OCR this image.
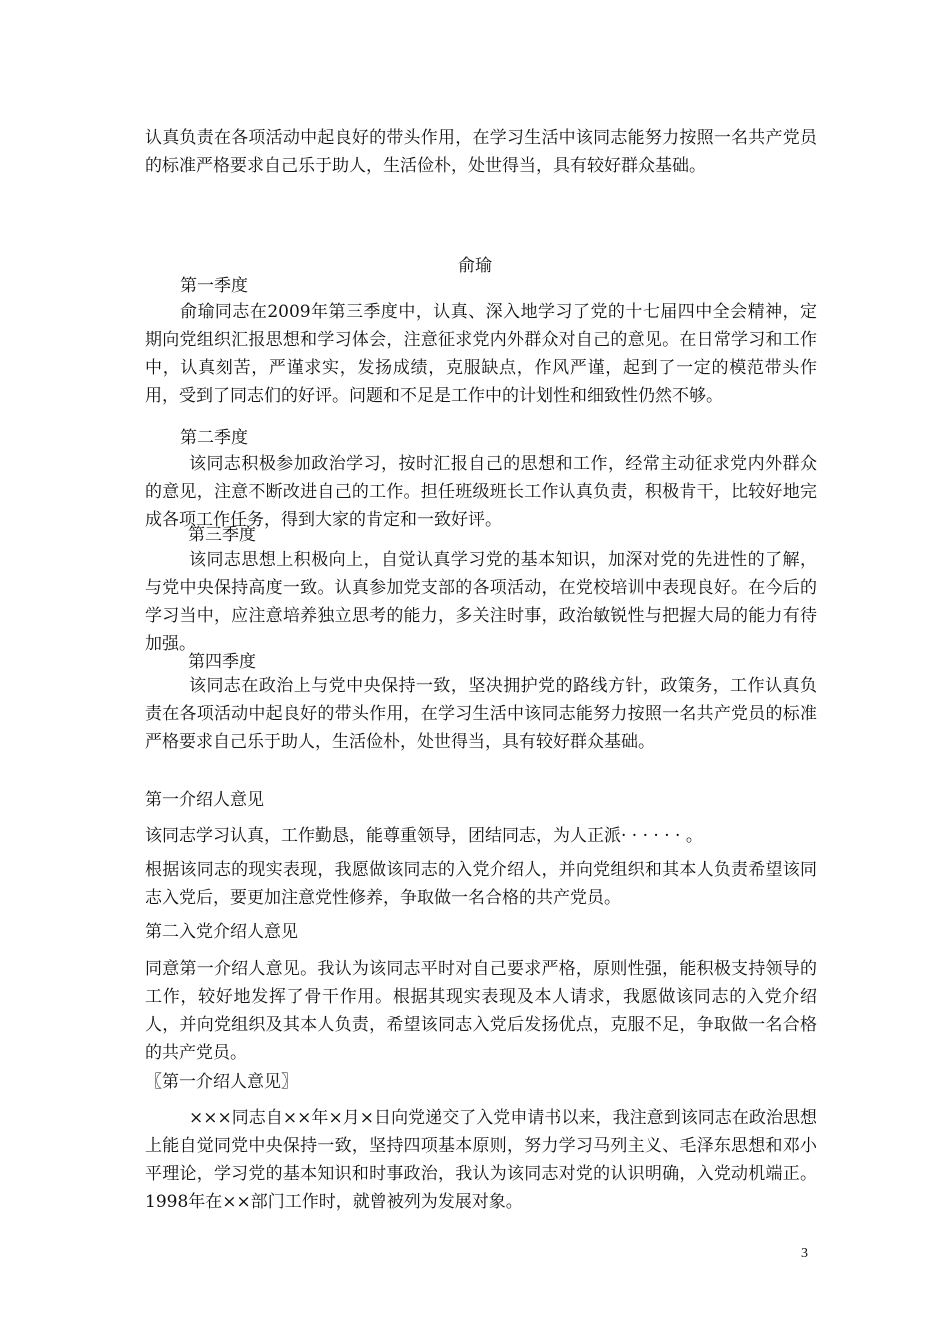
认真负责在各项活动中起良好的带头作用，在学习生活中该同志能努力按照一名共产党员的标准严格要求自己乐于助人，生活俭朴，处世得当，具有较好群众基础。

俞瑜

第一季度

俞瑜同志在2009年第三季度中，认真、深入地学习了党的十七届四中全会精神，定期向党组织汇报思想和学习体会，注意征求党内外群众对自己的意见。在日常学习和工作中，认真刻苦，严谨求实，发扬成绩，克服缺点，作风严谨，起到了一定的模范带头作用，受到了同志们的好评。问题和不足是工作中的计划性和细致性仍然不够。

第二季度

该同志积极参加政治学习，按时汇报自己的思想和工作，经常主动征求党内外群众的意见，注意不断改进自己的工作。担任班级班长工作认真负责，积极肯干，比较好地完成各项工作任务，得到大家的肯定和一致好评。

第三季度

该同志思想上积极向上，自觉认真学习党的基本知识，加深对党的先进性的了解，与党中央保持高度一致。认真参加党支部的各项活动，在党校培训中表现良好。在今后的学习当中，应注意培养独立思考的能力，多关注时事，政治敏锐性与把握大局的能力有待加强。

第四季度

该同志在政治上与党中央保持一致，坚决拥护党的路线方针，政策务，工作认真负责在各项活动中起良好的带头作用，在学习生活中该同志能努力按照一名共产党员的标准严格要求自己乐于助人，生活俭朴，处世得当，具有较好群众基础。

第一介绍人意见

该同志学习认真，工作勤恳，能尊重领导，团结同志，为人正派· · · · · · 。

根据该同志的现实表现，我愿做该同志的入党介绍人，并向党组织和其本人负责希望该同志入党后，要更加注意党性修养，争取做一名合格的共产党员。

第二入党介绍人意见

同意第一介绍人意见。我认为该同志平时对自己要求严格，原则性强，能积极支持领导的工作，较好地发挥了骨干作用。根据其现实表现及本人请求，我愿做该同志的入党介绍人，并向党组织及其本人负责，希望该同志入党后发扬优点，克服不足，争取做一名合格的共产党员。

〖第一介绍人意见〗

×××同志自××年×月×日向党递交了入党申请书以来，我注意到该同志在政治思想上能自觉同党中央保持一致，坚持四项基本原则，努力学习马列主义、毛泽东思想和邓小平理论，学习党的基本知识和时事政治，我认为该同志对党的认识明确，入党动机端正。1998年在××部门工作时，就曾被列为发展对象。

3
